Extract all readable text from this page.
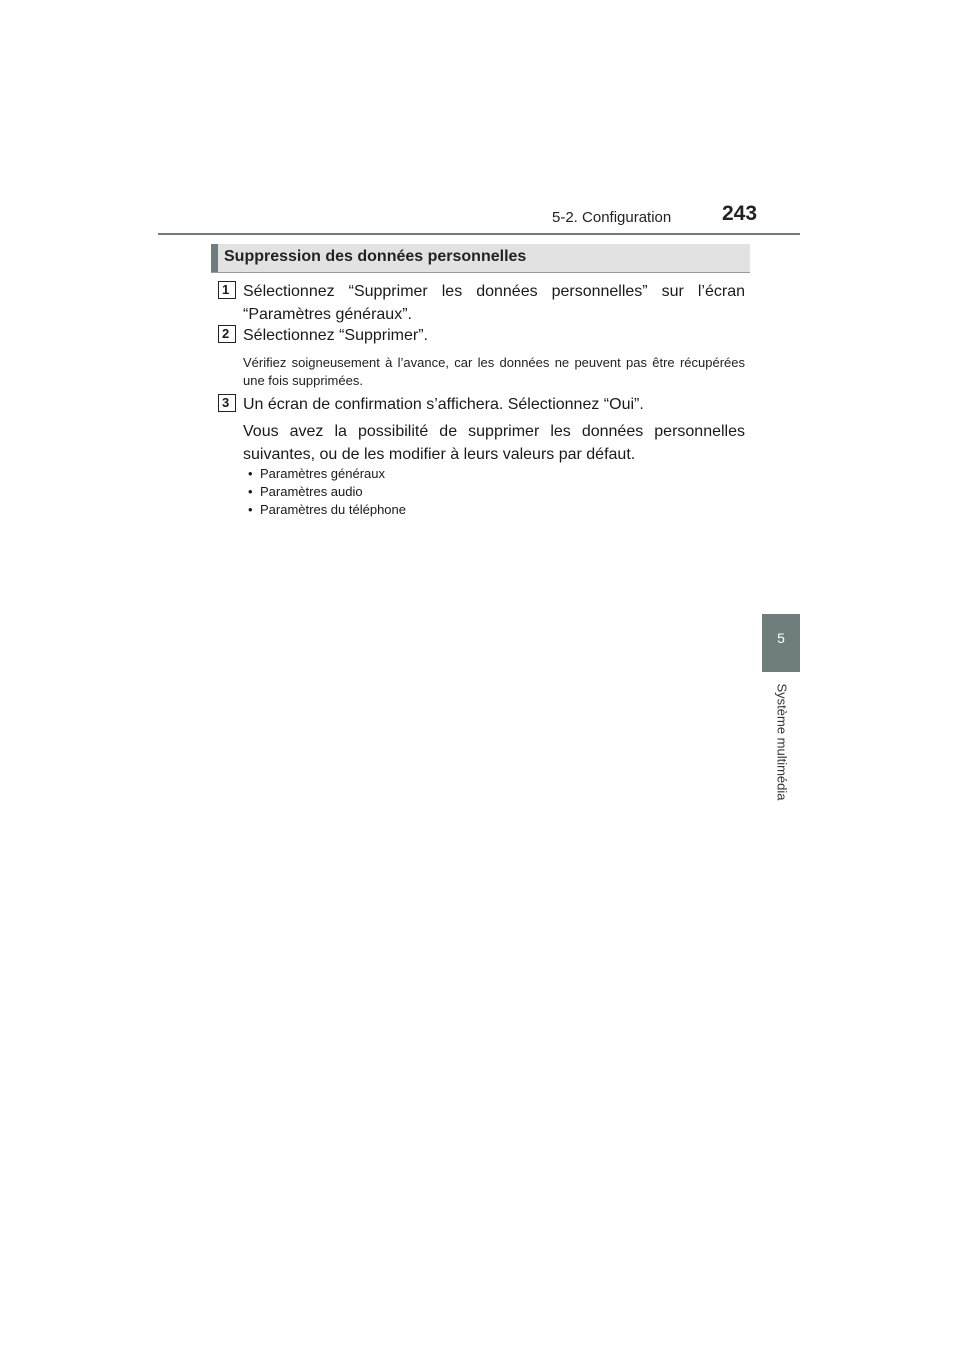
5-2. Configuration 243
5
Système multimédia
Suppression des données personnelles
1 Sélectionnez “Supprimer les données personnelles” sur l’écran “Paramètres généraux”.
2 Sélectionnez “Supprimer”.
Vérifiez soigneusement à l’avance, car les données ne peuvent pas être récupérées une fois supprimées.
3 Un écran de confirmation s’affichera. Sélectionnez “Oui”.
Vous avez la possibilité de supprimer les données personnelles suivantes, ou de les modifier à leurs valeurs par défaut.
• Paramètres généraux
• Paramètres audio
• Paramètres du téléphone
